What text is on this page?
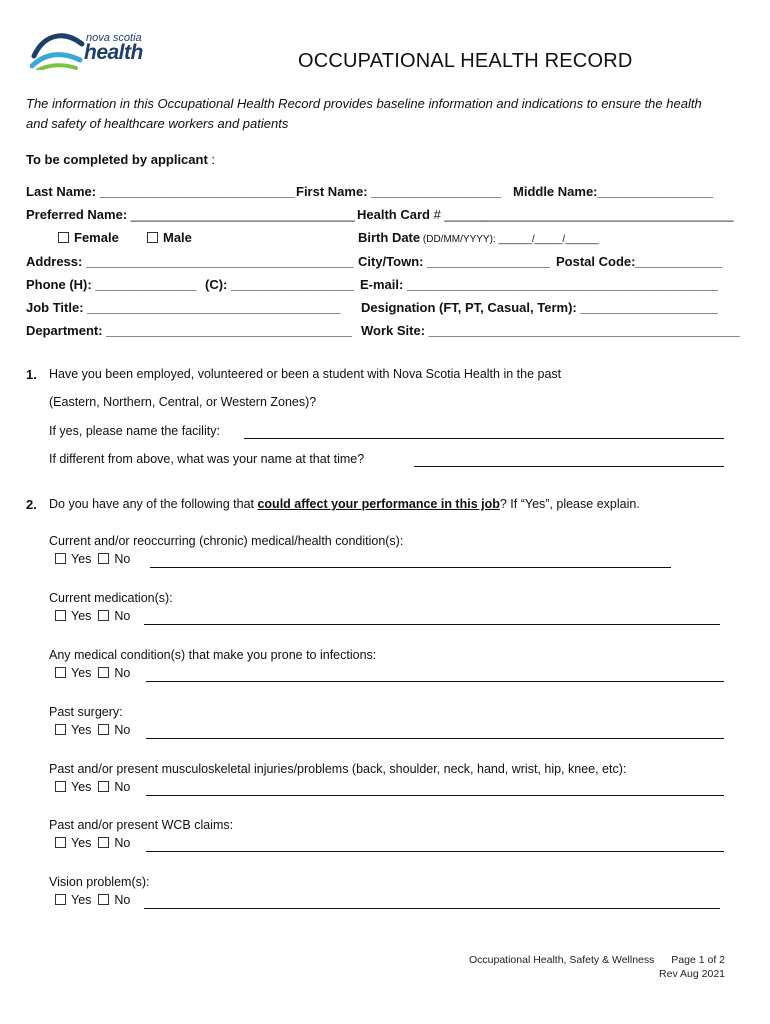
nova scotia
health	OCCUPATIONAL HEALTH RECORD
The information in this Occupational Health Record provides baseline information and indications to ensure the health and safety of healthcare workers and patients
To be completed by applicant :
Last Name: ___________________________ First Name: __________________ Middle Name:________________
Preferred Name: _______________________________ Health Card # ________________________________________
Female	Male	Birth Date (DD/MM/YYYY): ______/_____/______
Address: _____________________________________ City/Town: _________________ Postal Code:____________
Phone (H): ______________ (C): _________________ E-mail: ___________________________________________
Job Title: ___________________________________ Designation (FT, PT, Casual, Term): ___________________
Department: __________________________________ Work Site: ___________________________________________
1. Have you been employed, volunteered or been a student with Nova Scotia Health in the past
(Eastern, Northern, Central, or Western Zones)?
If yes, please name the facility:
If different from above, what was your name at that time?
2. Do you have any of the following that could affect your performance in this job? If “Yes”, please explain.
Current and/or reoccurring (chronic) medical/health condition(s):
Yes No
Current medication(s):
Yes No
Any medical condition(s) that make you prone to infections:
Yes No
Past surgery:
Yes No
Past and/or present musculoskeletal injuries/problems (back, shoulder, neck, hand, wrist, hip, knee, etc):
Yes No
Past and/or present WCB claims:
Yes No
Vision problem(s):
Yes No
Occupational Health, Safety & Wellness Page 1 of 2
Rev Aug 2021
